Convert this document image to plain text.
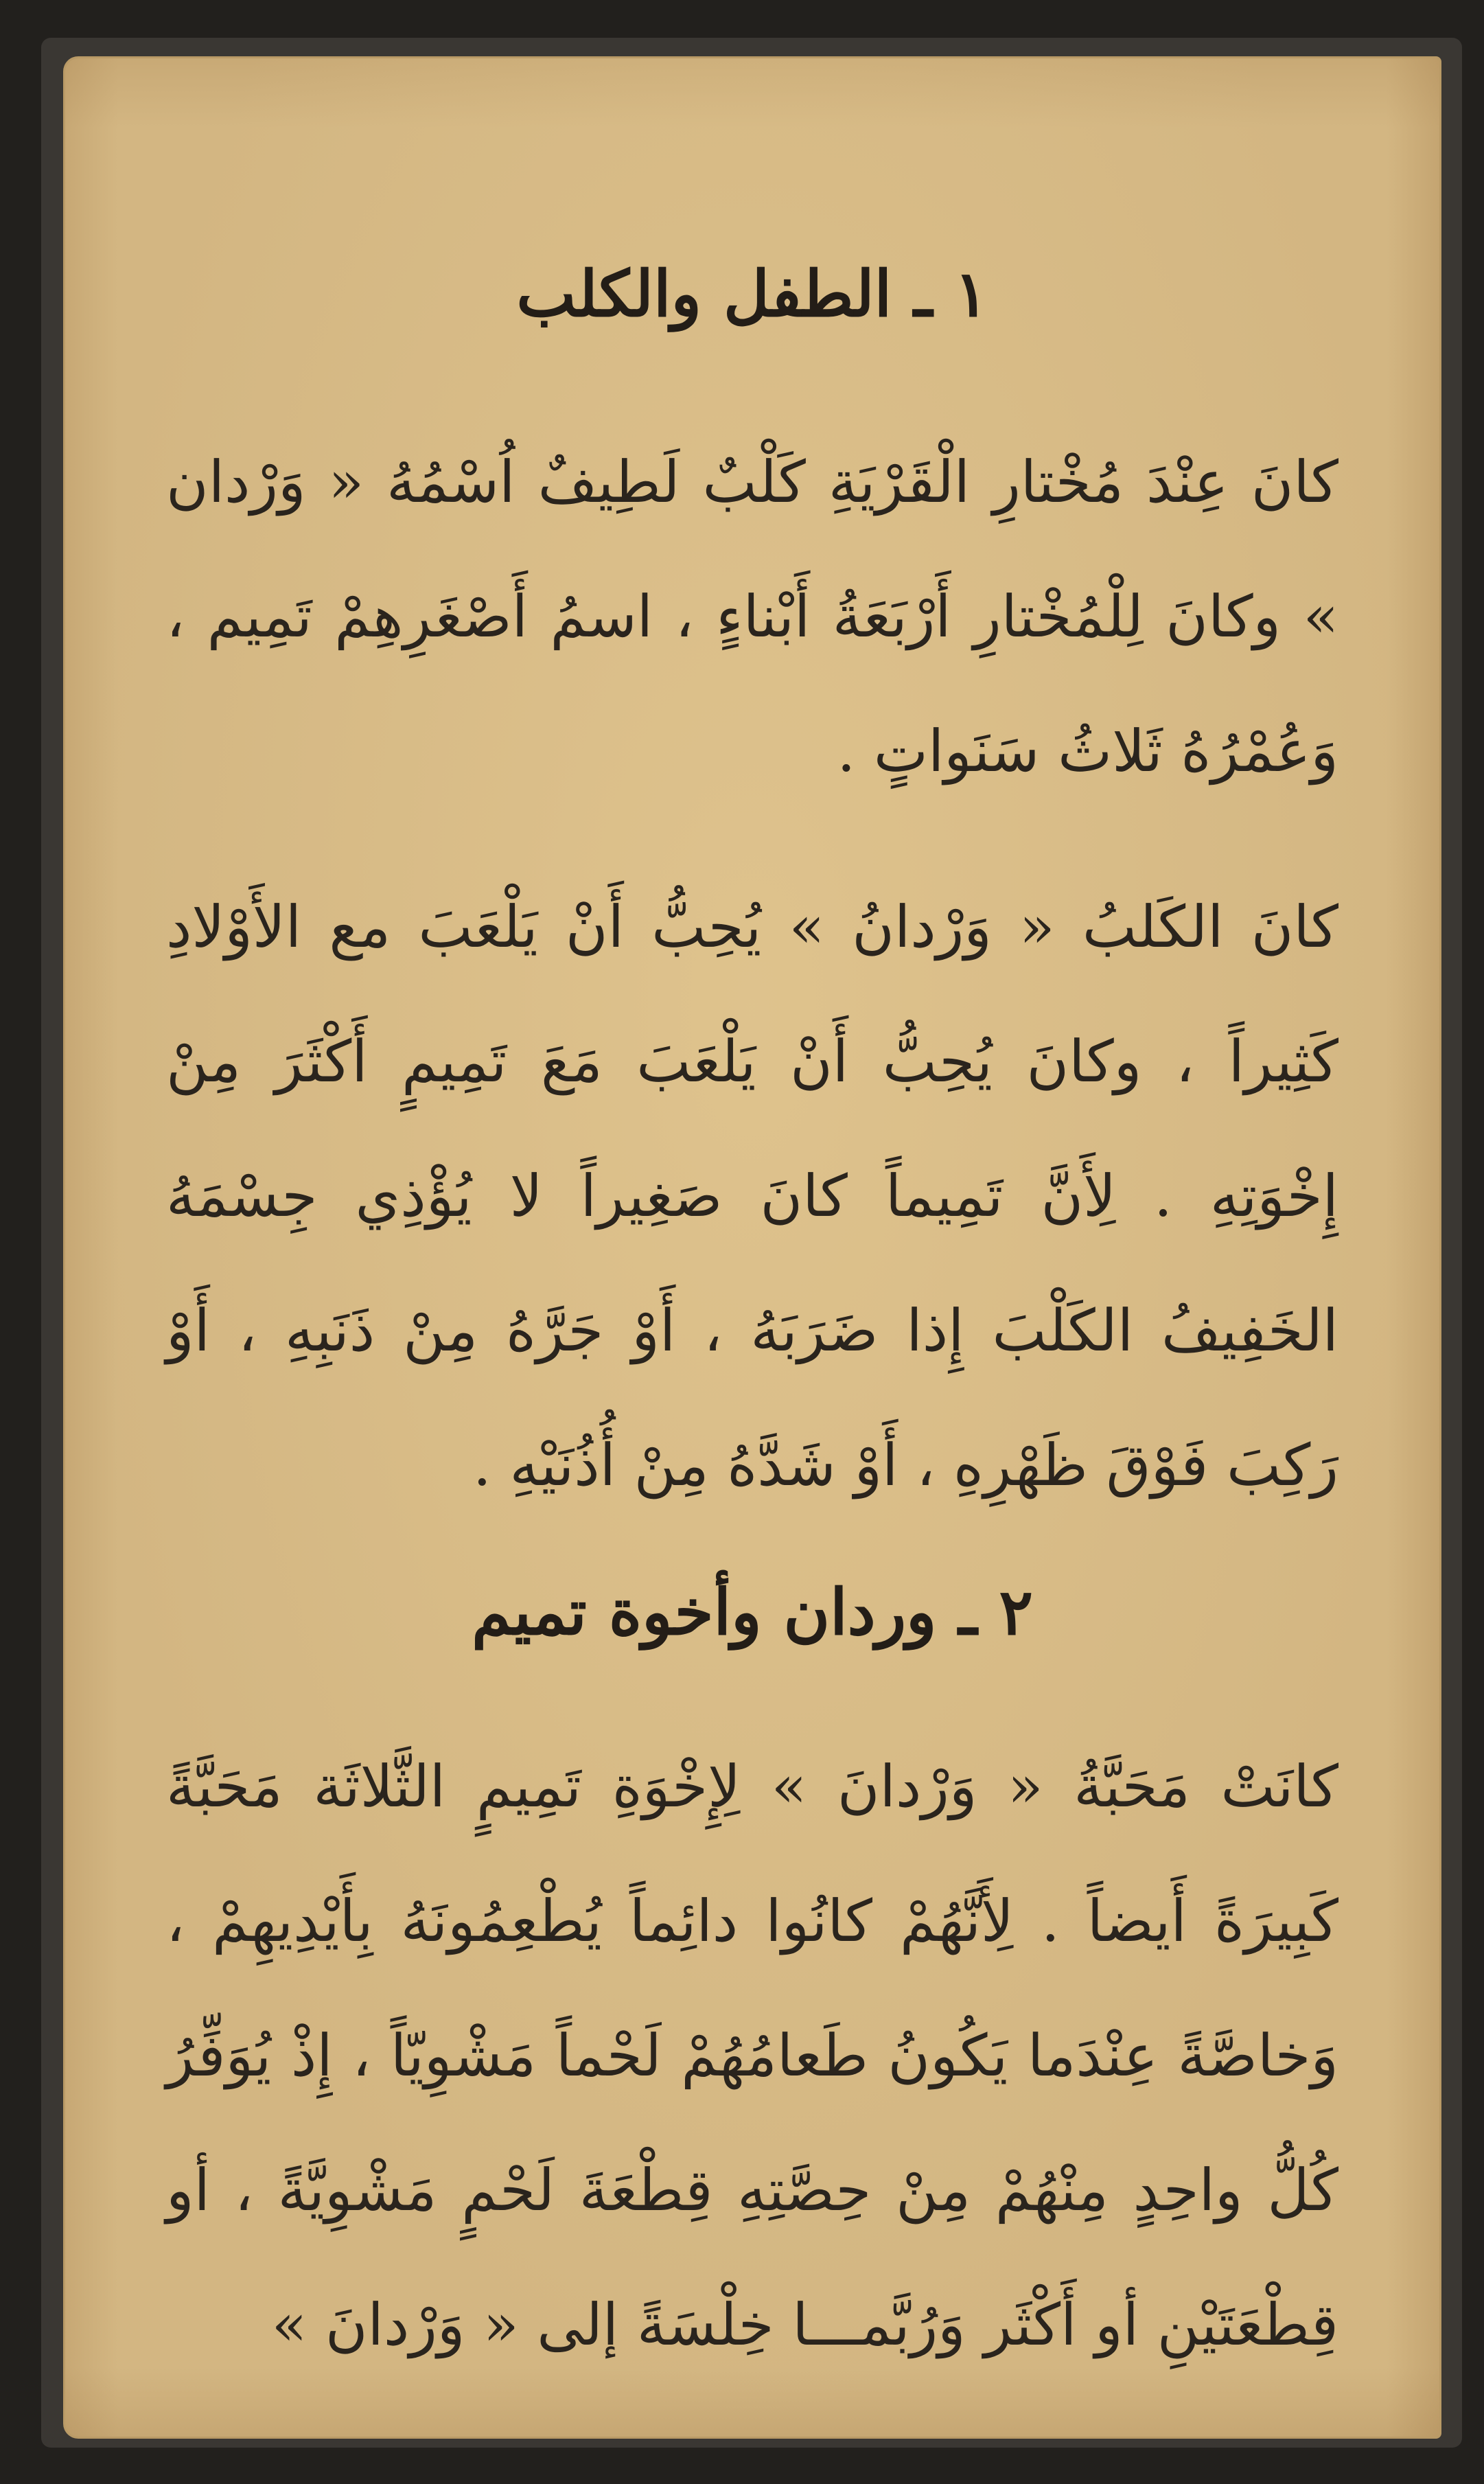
١ ـ الطفل والكلب

كانَ عِنْدَ مُخْتارِ الْقَرْيَةِ كَلْبٌ لَطِيفٌ اُسْمُهُ « وَرْدان » وكانَ لِلْمُخْتارِ أَرْبَعَةُ أَبْناءٍ ، اسمُ أَصْغَرِهِمْ تَمِيم ، وَعُمْرُهُ ثَلاثُ سَنَواتٍ .

كانَ الكَلبُ « وَرْدانُ » يُحِبُّ أَنْ يَلْعَبَ مع الأَوْلادِ كَثِيراً ، وكانَ يُحِبُّ أَنْ يَلْعَبَ مَعَ تَمِيمٍ أَكْثَرَ مِنْ إِخْوَتِهِ . لِأَنَّ تَمِيماً كانَ صَغِيراً لا يُؤْذِي جِسْمَهُ الخَفِيفُ الكَلْبَ إِذا ضَرَبَهُ ، أَوْ جَرَّهُ مِنْ ذَنَبِهِ ، أَوْ رَكِبَ فَوْقَ ظَهْرِهِ ، أَوْ شَدَّهُ مِنْ أُذُنَيْهِ .

٢ ـ وردان وأخوة تميم

كانَتْ مَحَبَّةُ « وَرْدانَ » لِإِخْوَةِ تَمِيمٍ الثَّلاثَة مَحَبَّةً كَبِيرَةً أَيضاً . لِأَنَّهُمْ كانُوا دائِماً يُطْعِمُونَهُ بِأَيْدِيهِمْ ، وَخاصَّةً عِنْدَما يَكُونُ طَعامُهُمْ لَحْماً مَشْوِيّاً ، إِذْ يُوَفِّرُ كُلُّ واحِدٍ مِنْهُمْ مِنْ حِصَّتِهِ قِطْعَةَ لَحْمٍ مَشْوِيَّةً ، أو قِطْعَتَيْنِ أو أَكْثَر وَرُبَّمـــا خِلْسَةً إلى « وَرْدانَ »
